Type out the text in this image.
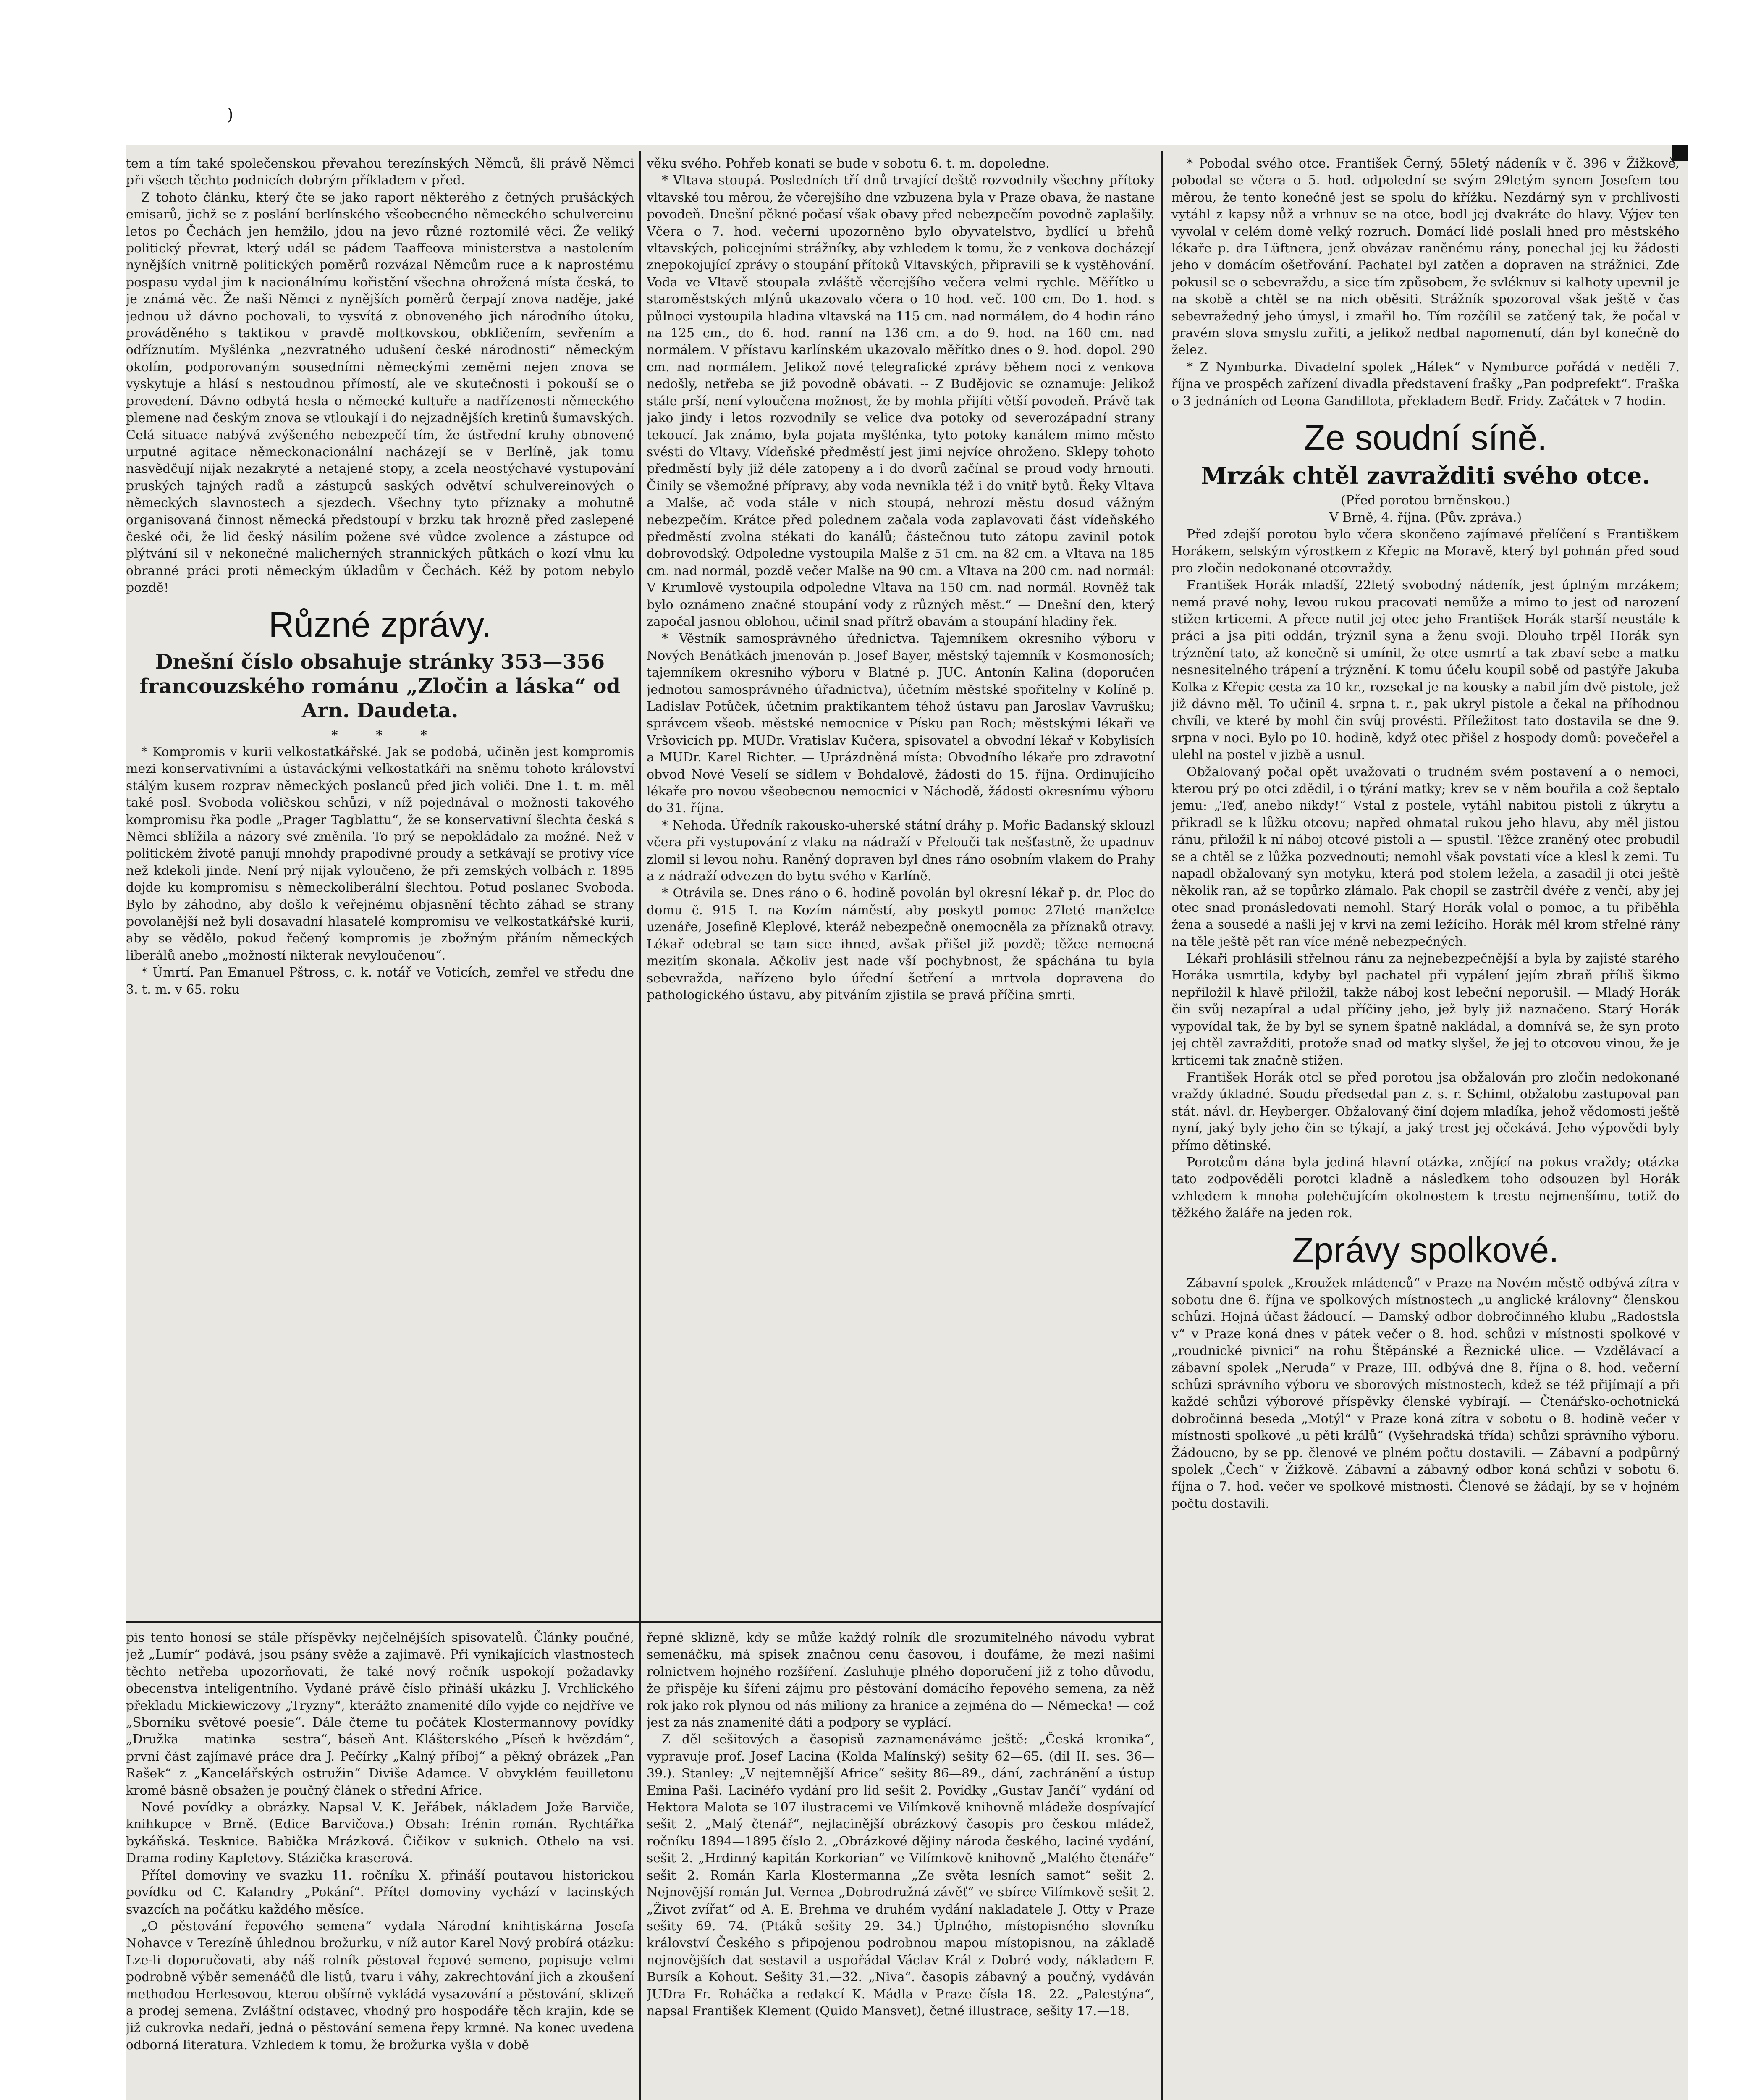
)

tem a tím také společenskou převahou terezínských Němců, šli právě Němci při všech těchto podnicích dobrým příkladem v před.

Z tohoto článku, který čte se jako raport některého z četných prušáckých emisarů, jichž se z poslání berlínského všeobecného německého schulvereinu letos po Čechách jen hemžilo, jdou na jevo různé roztomilé věci. Že veliký politický převrat, který udál se pádem Taaffeova ministerstva a nastolením nynějších vnitrně politických poměrů rozvázal Němcům ruce a k naprostému pospasu vydal jim k nacionálnímu kořistění všechna ohrožená místa česká, to je známá věc. Že naši Němci z nynějších poměrů čerpají znova naděje, jaké jednou už dávno pochovali, to vysvítá z obnoveného jich národního útoku, prováděného s taktikou v pravdě moltkovskou, obkličením, sevřením a odříznutím. Myšlénka „nezvratného udušení české národnosti“ německým okolím, podporovaným sousedními německými zeměmi nejen znova se vyskytuje a hlásí s nestoudnou přímostí, ale ve skutečnosti i pokouší se o provedení. Dávno odbytá hesla o německé kultuře a nadřízenosti německého plemene nad českým znova se vtloukají i do nejzadnějších kretinů šumavských. Celá situace nabývá zvýšeného nebezpečí tím, že ústřední kruhy obnovené urputné agitace německonacionální nacházejí se v Berlíně, jak tomu nasvědčují nijak nezakryté a netajené stopy, a zcela neostýchavé vystupování pruských tajných radů a zástupců saských odvětví schulvereinových o německých slavnostech a sjezdech. Všechny tyto příznaky a mohutně organisovaná činnost německá předstoupí v brzku tak hrozně před zaslepené české oči, že lid český násilím požene své vůdce zvolence a zástupce od plýtvání sil v nekonečné malicherných strannických půtkách o kozí vlnu ku obranné práci proti německým úkladům v Čechách. Kéž by potom nebylo pozdě!

Různé zprávy.

Dnešní číslo obsahuje stránky 353—356 francouzského románu „Zločin a láska“ od Arn. Daudeta.

* * *

* Kompromis v kurii velkostatkářské. Jak se podobá, učiněn jest kompromis mezi konservativními a ústaváckými velkostatkáři na sněmu tohoto království stálým kusem rozprav německých poslanců před jich voliči. Dne 1. t. m. měl také posl. Svoboda voličskou schůzi, v níž pojednával o možnosti takového kompromisu řka podle „Prager Tagblattu“, že se konservativní šlechta česká s Němci sblížila a názory své změnila. To prý se nepokládalo za možné. Než v politickém životě panují mnohdy prapodivné proudy a setkávají se protivy více než kdekoli jinde. Není prý nijak vyloučeno, že při zemských volbách r. 1895 dojde ku kompromisu s německoliberální šlechtou. Potud poslanec Svoboda. Bylo by záhodno, aby došlo k veřejnému objasnění těchto záhad se strany povolanější než byli dosavadní hlasatelé kompromisu ve velkostatkářské kurii, aby se vědělo, pokud řečený kompromis je zbožným přáním německých liberálů anebo „možností nikterak nevyloučenou“.

* Úmrtí. Pan Emanuel Pštross, c. k. notář ve Voticích, zemřel ve středu dne 3. t. m. v 65. roku

věku svého. Pohřeb konati se bude v sobotu 6. t. m. dopoledne.

* Vltava stoupá. Posledních tří dnů trvající deště rozvodnily všechny přítoky vltavské tou měrou, že včerejšího dne vzbuzena byla v Praze obava, že nastane povodeň. Dnešní pěkné počasí však obavy před nebezpečím povodně zaplašily. Včera o 7. hod. večerní upozorněno bylo obyvatelstvo, bydlící u břehů vltavských, policejními strážníky, aby vzhledem k tomu, že z venkova docházejí znepokojující zprávy o stoupání přítoků Vltavských, připravili se k vystěhování. Voda ve Vltavě stoupala zvláště včerejšího večera velmi rychle. Měřítko u staroměstských mlýnů ukazovalo včera o 10 hod. več. 100 cm. Do 1. hod. s půlnoci vystoupila hladina vltavská na 115 cm. nad normálem, do 4 hodin ráno na 125 cm., do 6. hod. ranní na 136 cm. a do 9. hod. na 160 cm. nad normálem. V přístavu karlínském ukazovalo měřítko dnes o 9. hod. dopol. 290 cm. nad normálem. Jelikož nové telegrafické zprávy během noci z venkova nedošly, netřeba se již povodně obávati. -- Z Budějovic se oznamuje: Jelikož stále prší, není vyloučena možnost, že by mohla přijíti větší povodeň. Právě tak jako jindy i letos rozvodnily se velice dva potoky od severozápadní strany tekoucí. Jak známo, byla pojata myšlénka, tyto potoky kanálem mimo město svésti do Vltavy. Vídeňské předměstí jest jimi nejvíce ohroženo. Sklepy tohoto předměstí byly již déle zatopeny a i do dvorů začínal se proud vody hrnouti. Činily se všemožné přípravy, aby voda nevnikla též i do vnitř bytů. Řeky Vltava a Malše, ač voda stále v nich stoupá, nehrozí městu dosud vážným nebezpečím. Krátce před polednem začala voda zaplavovati část vídeňského předměstí zvolna stékati do kanálů; částečnou tuto zátopu zavinil potok dobrovodský. Odpoledne vystoupila Malše z 51 cm. na 82 cm. a Vltava na 185 cm. nad normál, pozdě večer Malše na 90 cm. a Vltava na 200 cm. nad normál: V Krumlově vystoupila odpoledne Vltava na 150 cm. nad normál. Rovněž tak bylo oznámeno značné stoupání vody z různých měst.“ — Dnešní den, který započal jasnou oblohou, učinil snad přítrž obavám a stoupání hladiny řek.

* Věstník samosprávného úřednictva. Tajemníkem okresního výboru v Nových Benátkách jmenován p. Josef Bayer, městský tajemník v Kosmonosích; tajemníkem okresního výboru v Blatné p. JUC. Antonín Kalina (doporučen jednotou samosprávného úřadnictva), účetním městské spořitelny v Kolíně p. Ladislav Potůček, účetním praktikantem téhož ústavu pan Jaroslav Vavrušku; správcem všeob. městské nemocnice v Písku pan Roch; městskými lékaři ve Vršovicích pp. MUDr. Vratislav Kučera, spisovatel a obvodní lékař v Kobylisích a MUDr. Karel Richter. — Uprázdněná místa: Obvodního lékaře pro zdravotní obvod Nové Veselí se sídlem v Bohdalově, žádosti do 15. října. Ordinujícího lékaře pro novou všeobecnou nemocnici v Náchodě, žádosti okresnímu výboru do 31. října.

* Nehoda. Úředník rakousko-uherské státní dráhy p. Mořic Badanský sklouzl včera při vystupování z vlaku na nádraží v Přelouči tak nešťastně, že upadnuv zlomil si levou nohu. Raněný dopraven byl dnes ráno osobním vlakem do Prahy a z nádraží odvezen do bytu svého v Karlíně.

* Otrávila se. Dnes ráno o 6. hodině povolán byl okresní lékař p. dr. Ploc do domu č. 915—I. na Kozím náměstí, aby poskytl pomoc 27leté manželce uzenáře, Josefině Kleplové, kteráž nebezpečně onemocněla za příznaků otravy. Lékař odebral se tam sice ihned, avšak přišel již pozdě; těžce nemocná mezitím skonala. Ačkoliv jest nade vší pochybnost, že spáchána tu byla sebevražda, nařízeno bylo úřední šetření a mrtvola dopravena do pathologického ústavu, aby pitváním zjistila se pravá příčina smrti.

* Pobodal svého otce. František Černý, 55letý nádeník v č. 396 v Žižkově, pobodal se včera o 5. hod. odpolední se svým 29letým synem Josefem tou měrou, že tento konečně jest se spolu do křížku. Nezdárný syn v prchlivosti vytáhl z kapsy nůž a vrhnuv se na otce, bodl jej dvakráte do hlavy. Výjev ten vyvolal v celém domě velký rozruch. Domácí lidé poslali hned pro městského lékaře p. dra Lüftnera, jenž obvázav raněnému rány, ponechal jej ku žádosti jeho v domácím ošetřování. Pachatel byl zatčen a dopraven na strážnici. Zde pokusil se o sebevraždu, a sice tím způsobem, že svléknuv si kalhoty upevnil je na skobě a chtěl se na nich oběsiti. Strážník spozoroval však ještě v čas sebevražedný jeho úmysl, i zmařil ho. Tím rozčílil se zatčený tak, že počal v pravém slova smyslu zuřiti, a jelikož nedbal napomenutí, dán byl konečně do želez.

* Z Nymburka. Divadelní spolek „Hálek“ v Nymburce pořádá v neděli 7. října ve prospěch zařízení divadla představení frašky „Pan podprefekt“. Fraška o 3 jednáních od Leona Gandillota, překladem Bedř. Fridy. Začátek v 7 hodin.

Ze soudní síně.
Mrzák chtěl zavražditi svého otce.

(Před porotou brněnskou.)

V Brně, 4. října. (Pův. zpráva.)

Před zdejší porotou bylo včera skončeno zajímavé přelíčení s Františkem Horákem, selským výrostkem z Křepic na Moravě, který byl pohnán před soud pro zločin nedokonané otcovraždy.

František Horák mladší, 22letý svobodný nádeník, jest úplným mrzákem; nemá pravé nohy, levou rukou pracovati nemůže a mimo to jest od narození stižen krticemi. A přece nutil jej otec jeho František Horák starší neustále k práci a jsa piti oddán, trýznil syna a ženu svoji. Dlouho trpěl Horák syn trýznění tato, až konečně si umínil, že otce usmrtí a tak zbaví sebe a matku nesnesitelného trápení a trýznění. K tomu účelu koupil sobě od pastýře Jakuba Kolka z Křepic cesta za 10 kr., rozsekal je na kousky a nabil jím dvě pistole, jež již dávno měl. To učinil 4. srpna t. r., pak ukryl pistole a čekal na příhodnou chvíli, ve které by mohl čin svůj provésti. Příležitost tato dostavila se dne 9. srpna v noci. Bylo po 10. hodině, když otec přišel z hospody domů: povečeřel a ulehl na postel v jizbě a usnul.

Obžalovaný počal opět uvažovati o trudném svém postavení a o nemoci, kterou prý po otci zdědil, i o týrání matky; krev se v něm bouřila a což šeptalo jemu: „Teď, anebo nikdy!“ Vstal z postele, vytáhl nabitou pistoli z úkrytu a přikradl se k lůžku otcovu; napřed ohmatal rukou jeho hlavu, aby měl jistou ránu, přiložil k ní náboj otcové pistoli a — spustil. Těžce zraněný otec probudil se a chtěl se z lůžka pozvednouti; nemohl však povstati více a klesl k zemi. Tu napadl obžalovaný syn motyku, která pod stolem ležela, a zasadil ji otci ještě několik ran, až se topůrko zlámalo. Pak chopil se zastrčil dvéře z venčí, aby jej otec snad pronásledovati nemohl. Starý Horák volal o pomoc, a tu přiběhla žena a sousedé a našli jej v krvi na zemi ležícího. Horák měl krom střelné rány na těle ještě pět ran více méně nebezpečných.

Lékaři prohlásili střelnou ránu za nejnebezpečnější a byla by zajisté starého Horáka usmrtila, kdyby byl pachatel při vypálení jejím zbraň příliš šikmo nepřiložil k hlavě přiložil, takže náboj kost lebeční neporušil. — Mladý Horák čin svůj nezapíral a udal příčiny jeho, jež byly již naznačeno. Starý Horák vypovídal tak, že by byl se synem špatně nakládal, a domnívá se, že syn proto jej chtěl zavražditi, protože snad od matky slyšel, že jej to otcovou vinou, že je krticemi tak značně stižen.

František Horák otcl se před porotou jsa obžalován pro zločin nedokonané vraždy úkladné. Soudu předsedal pan z. s. r. Schiml, obžalobu zastupoval pan stát. návl. dr. Heyberger. Obžalovaný činí dojem mladíka, jehož vědomosti ještě nyní, jaký byly jeho čin se týkají, a jaký trest jej očekává. Jeho výpovědi byly přímo dětinské.

Porotcům dána byla jediná hlavní otázka, znějící na pokus vraždy; otázka tato zodpověděli porotci kladně a následkem toho odsouzen byl Horák vzhledem k mnoha polehčujícím okolnostem k trestu nejmenšímu, totiž do těžkého žaláře na jeden rok.

Zprávy spolkové.

Zábavní spolek „Kroužek mládenců“ v Praze na Novém městě odbývá zítra v sobotu dne 6. října ve spolkových místnostech „u anglické královny“ členskou schůzi. Hojná účast žádoucí. — Damský odbor dobročinného klubu „Radostsla v“ v Praze koná dnes v pátek večer o 8. hod. schůzi v místnosti spolkové v „roudnické pivnici“ na rohu Štěpánské a Řeznické ulice. — Vzdělávací a zábavní spolek „Neruda“ v Praze, III. odbývá dne 8. října o 8. hod. večerní schůzi správního výboru ve sborových místnostech, kdež se též přijímají a při každé schůzi výborové příspěvky členské vybírají. — Čtenářsko-ochotnická dobročinná beseda „Motýl“ v Praze koná zítra v sobotu o 8. hodině večer v místnosti spolkové „u pěti králů“ (Vyšehradská třída) schůzi správního výboru. Žádoucno, by se pp. členové ve plném počtu dostavili. — Zábavní a podpůrný spolek „Čech“ v Žižkově. Zábavní a zábavný odbor koná schůzi v sobotu 6. října o 7. hod. večer ve spolkové místnosti. Členové se žádají, by se v hojném počtu dostavili.

pis tento honosí se stále příspěvky nejčelnějších spisovatelů. Články poučné, jež „Lumír“ podává, jsou psány svěže a zajímavě. Při vynikajících vlastnostech těchto netřeba upozorňovati, že také nový ročník uspokojí požadavky obecenstva inteligentního. Vydané právě číslo přináší ukázku J. Vrchlického překladu Mickiewiczovy „Tryzny“, kterážto znamenité dílo vyjde co nejdříve ve „Sborníku světové poesie“. Dále čteme tu počátek Klostermannovy povídky „Družka — matinka — sestra“, báseň Ant. Klášterského „Píseň k hvězdám“, první část zajímavé práce dra J. Pečírky „Kalný příboj“ a pěkný obrázek „Pan Rašek“ z „Kancelářských ostružin“ Diviše Adamce. V obvyklém feuilletonu kromě básně obsažen je poučný článek o střední Africe.

Nové povídky a obrázky. Napsal V. K. Jeřábek, nákladem Jože Barviče, knihkupce v Brně. (Edice Barvičova.) Obsah: Irénin román. Rychtářka bykáňská. Tesknice. Babička Mrázková. Čičikov v suknich. Othelo na vsi. Drama rodiny Kapletovy. Stázička kraserová.

Přítel domoviny ve svazku 11. ročníku X. přináší poutavou historickou povídku od C. Kalandry „Pokání“. Přítel domoviny vychází v lacinských svazcích na počátku každého měsíce.

„O pěstování řepového semena“ vydala Národní knihtiskárna Josefa Nohavce v Terezíně úhlednou brožurku, v níž autor Karel Nový probírá otázku: Lze-li doporučovati, aby náš rolník pěstoval řepové semeno, popisuje velmi podrobně výběr semenáčů dle listů, tvaru i váhy, zakrechtování jich a zkoušení methodou Herlesovou, kterou obšírně vykládá vysazování a pěstování, sklizeň a prodej semena. Zvláštní odstavec, vhodný pro hospodáře těch krajin, kde se již cukrovka nedaří, jedná o pěstování semena řepy krmné. Na konec uvedena odborná literatura. Vzhledem k tomu, že brožurka vyšla v době

řepné sklizně, kdy se může každý rolník dle srozumitelného návodu vybrat semenáčku, má spisek značnou cenu časovou, i doufáme, že mezi našimi rolnictvem hojného rozšíření. Zasluhuje plného doporučení již z toho důvodu, že přispěje ku šíření zájmu pro pěstování domácího řepového semena, za něž rok jako rok plynou od nás miliony za hranice a zejména do — Německa! — což jest za nás znamenité dáti a podpory se vyplácí.

Z děl sešitových a časopisů zaznamenáváme ještě: „Česká kronika“, vypravuje prof. Josef Lacina (Kolda Malínský) sešity 62—65. (díl II. ses. 36—39.). Stanley: „V nejtemnější Africe“ sešity 86—89., dání, zachránění a ústup Emina Paši. Lacinéřo vydání pro lid sešit 2. Povídky „Gustav Jančí“ vydání od Hektora Malota se 107 ilustracemi ve Vilímkově knihovně mládeže dospívající sešit 2. „Malý čtenář“, nejlacinější obrázkový časopis pro českou mládež, ročníku 1894—1895 číslo 2. „Obrázkové dějiny národa českého, laciné vydání, sešit 2. „Hrdinný kapitán Korkorian“ ve Vilímkově knihovně „Malého čtenáře“ sešit 2. Román Karla Klostermanna „Ze světa lesních samot“ sešit 2. Nejnovější román Jul. Vernea „Dobrodružná závěť“ ve sbírce Vilímkově sešit 2. „Život zvířat“ od A. E. Brehma ve druhém vydání nakladatele J. Otty v Praze sešity 69.—74. (Ptáků sešity 29.—34.) Úplného, místopisného slovníku království Českého s připojenou podrobnou mapou místopisnou, na základě nejnovějších dat sestavil a uspořádal Václav Král z Dobré vody, nákladem F. Bursík a Kohout. Sešity 31.—32. „Niva“. časopis zábavný a poučný, vydáván JUDra Fr. Roháčka a redakcí K. Mádla v Praze čísla 18.—22. „Palestýna“, napsal František Klement (Quido Mansvet), četné illustrace, sešity 17.—18.
